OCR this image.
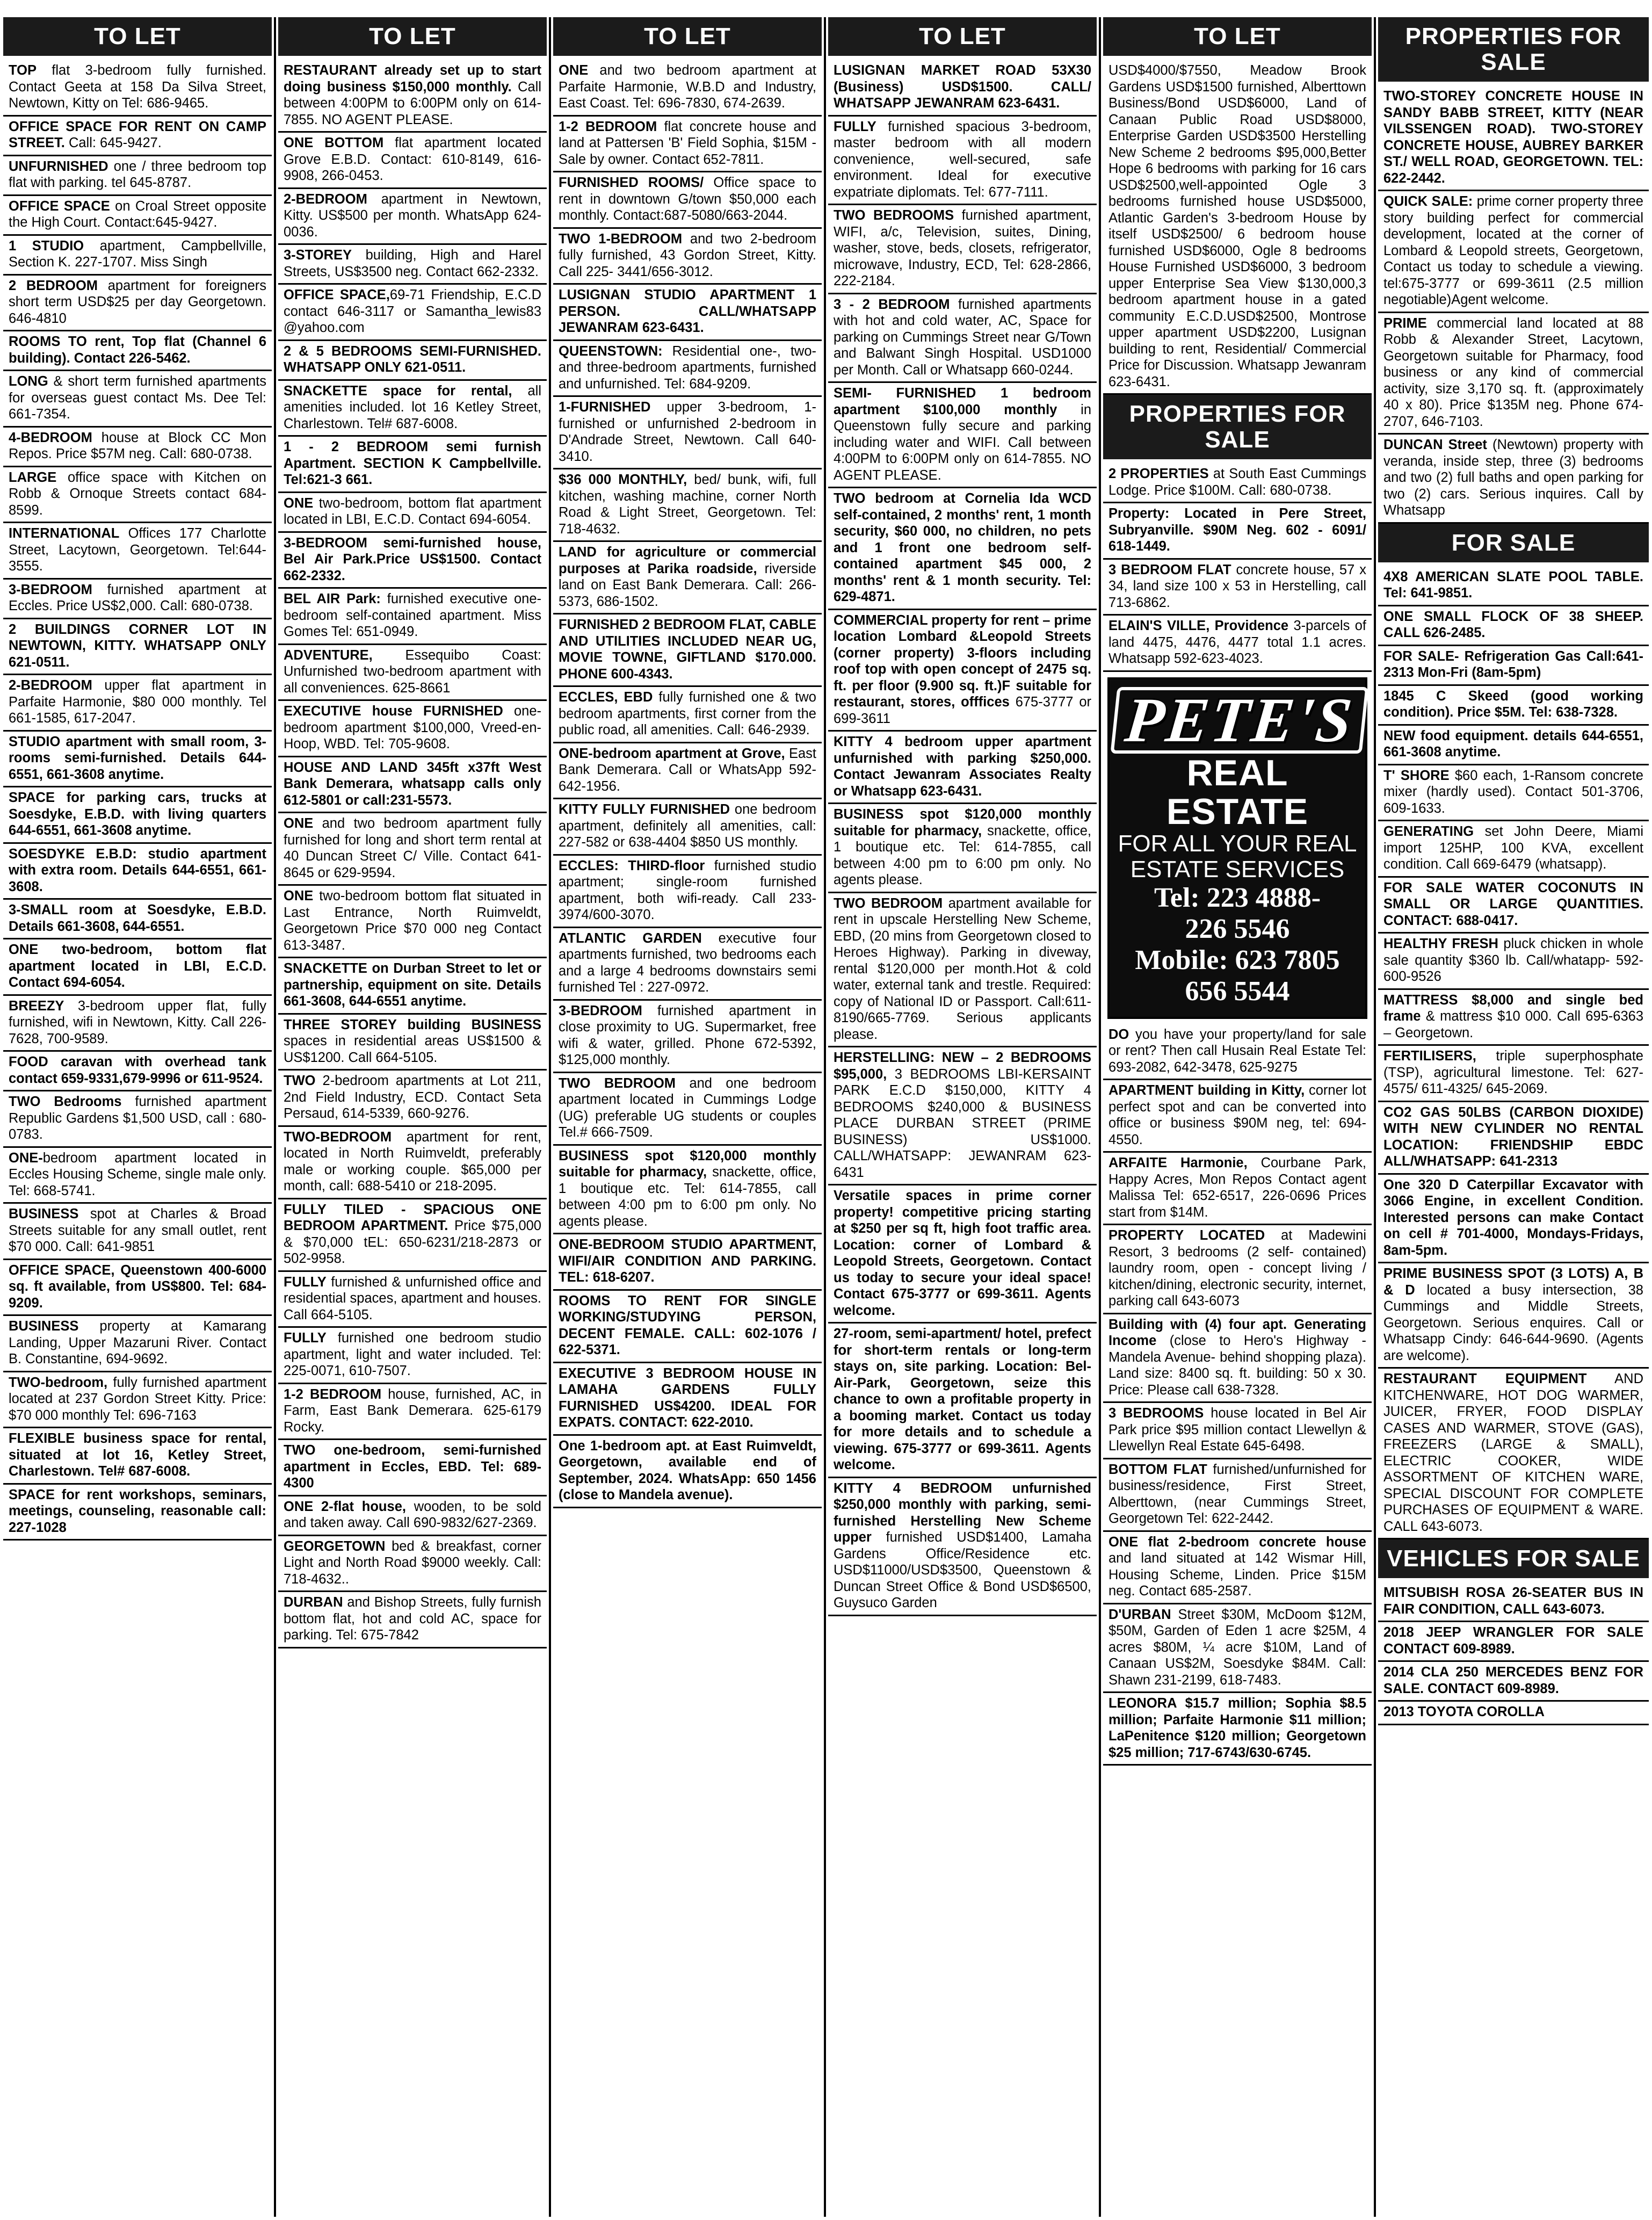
TO LET
TOP flat 3-bedroom fully furnished. Contact Geeta at 158 Da Silva Street, Newtown, Kitty on Tel: 686-9465.
OFFICE SPACE FOR RENT ON CAMP STREET. Call: 645-9427.
UNFURNISHED one / three bedroom top flat with parking. tel 645-8787.
OFFICE SPACE on Croal Street opposite the High Court. Contact:645-9427.
1 STUDIO apartment, Campbellville, Section K. 227-1707. Miss Singh
2 BEDROOM apartment for foreigners short term USD$25 per day Georgetown. 646-4810
ROOMS TO rent, Top flat (Channel 6 building). Contact 226-5462.
LONG & short term furnished apartments for overseas guest contact Ms. Dee Tel: 661-7354.
4-BEDROOM house at Block CC Mon Repos. Price $57M neg. Call: 680-0738.
LARGE office space with Kitchen on Robb & Ornoque Streets contact 684-8599.
INTERNATIONAL Offices 177 Charlotte Street, Lacytown, Georgetown. Tel:644-3555.
3-BEDROOM furnished apartment at Eccles. Price US$2,000. Call: 680-0738.
2 BUILDINGS CORNER LOT IN NEWTOWN, KITTY. WHATSAPP ONLY 621-0511.
2-BEDROOM upper flat apartment in Parfaite Harmonie, $80 000 monthly. Tel 661-1585, 617-2047.
STUDIO apartment with small room, 3-rooms semi-furnished. Details 644-6551, 661-3608 anytime.
SPACE for parking cars, trucks at Soesdyke, E.B.D. with living quarters 644-6551, 661-3608 anytime.
SOESDYKE E.B.D: studio apartment with extra room. Details 644-6551, 661-3608.
3-SMALL room at Soesdyke, E.B.D. Details 661-3608, 644-6551.
ONE two-bedroom, bottom flat apartment located in LBI, E.C.D. Contact 694-6054.
BREEZY 3-bedroom upper flat, fully furnished, wifi in Newtown, Kitty. Call 226-7628, 700-9589.
FOOD caravan with overhead tank contact 659-9331,679-9996 or 611-9524.
TWO Bedrooms furnished apartment Republic Gardens $1,500 USD, call : 680-0783.
ONE-bedroom apartment located in Eccles Housing Scheme, single male only. Tel: 668-5741.
BUSINESS spot at Charles & Broad Streets suitable for any small outlet, rent $70 000. Call: 641-9851
OFFICE SPACE, Queenstown 400-6000 sq. ft available, from US$800. Tel: 684-9209.
BUSINESS property at Kamarang Landing, Upper Mazaruni River. Contact B. Constantine, 694-9692.
TWO-bedroom, fully furnished apartment located at 237 Gordon Street Kitty. Price: $70 000 monthly Tel: 696-7163
FLEXIBLE business space for rental, situated at lot 16, Ketley Street, Charlestown. Tel# 687-6008.
SPACE for rent workshops, seminars, meetings, counseling, reasonable call: 227-1028
TO LET
RESTAURANT already set up to start doing business $150,000 monthly. Call between 4:00PM to 6:00PM only on 614-7855. NO AGENT PLEASE.
ONE BOTTOM flat apartment located Grove E.B.D. Contact: 610-8149, 616-9908, 266-0453.
2-BEDROOM apartment in Newtown, Kitty. US$500 per month. WhatsApp 624-0036.
3-STOREY building, High and Harel Streets, US$3500 neg. Contact 662-2332.
OFFICE SPACE,69-71 Friendship, E.C.D contact 646-3117 or Samantha_lewis83 @yahoo.com
2 & 5 BEDROOMS SEMI-FURNISHED. WHATSAPP ONLY 621-0511.
SNACKETTE space for rental, all amenities included. lot 16 Ketley Street, Charlestown. Tel# 687-6008.
1 - 2 BEDROOM semi furnish Apartment. SECTION K Campbellville. Tel:621-3 661.
ONE two-bedroom, bottom flat apartment located in LBI, E.C.D. Contact 694-6054.
3-BEDROOM semi-furnished house, Bel Air Park.Price US$1500. Contact 662-2332.
BEL AIR Park: furnished executive one-bedroom self-contained apartment. Miss Gomes Tel: 651-0949.
ADVENTURE, Essequibo Coast: Unfurnished two-bedroom apartment with all conveniences. 625-8661
EXECUTIVE house FURNISHED one-bedroom apartment $100,000, Vreed-en-Hoop, WBD. Tel: 705-9608.
HOUSE AND LAND 345ft x37ft West Bank Demerara, whatsapp calls only 612-5801 or call:231-5573.
ONE and two bedroom apartment fully furnished for long and short term rental at 40 Duncan Street C/ Ville. Contact 641-8645 or 629-9594.
ONE two-bedroom bottom flat situated in Last Entrance, North Ruimveldt, Georgetown Price $70 000 neg Contact 613-3487.
SNACKETTE on Durban Street to let or partnership, equipment on site. Details 661-3608, 644-6551 anytime.
THREE STOREY building BUSINESS spaces in residential areas US$1500 & US$1200. Call 664-5105.
TWO 2-bedroom apartments at Lot 211, 2nd Field Industry, ECD. Contact Seta Persaud, 614-5339, 660-9276.
TWO-BEDROOM apartment for rent, located in North Ruimveldt, preferably male or working couple. $65,000 per month, call: 688-5410 or 218-2095.
FULLY TILED - SPACIOUS ONE BEDROOM APARTMENT. Price $75,000 & $70,000 tEL: 650-6231/218-2873 or 502-9958.
FULLY furnished & unfurnished office and residential spaces, apartment and houses. Call 664-5105.
FULLY furnished one bedroom studio apartment, light and water included. Tel: 225-0071, 610-7507.
1-2 BEDROOM house, furnished, AC, in Farm, East Bank Demerara. 625-6179 Rocky.
TWO one-bedroom, semi-furnished apartment in Eccles, EBD. Tel: 689-4300
ONE 2-flat house, wooden, to be sold and taken away. Call 690-9832/627-2369.
GEORGETOWN bed & breakfast, corner Light and North Road $9000 weekly. Call: 718-4632..
DURBAN and Bishop Streets, fully furnish bottom flat, hot and cold AC, space for parking. Tel: 675-7842
TO LET
ONE and two bedroom apartment at Parfaite Harmonie, W.B.D and Industry, East Coast. Tel: 696-7830, 674-2639.
1-2 BEDROOM flat concrete house and land at Pattersen 'B' Field Sophia, $15M - Sale by owner. Contact 652-7811.
FURNISHED ROOMS/ Office space to rent in downtown G/town $50,000 each monthly. Contact:687-5080/663-2044.
TWO 1-BEDROOM and two 2-bedroom fully furnished, 43 Gordon Street, Kitty. Call 225- 3441/656-3012.
LUSIGNAN STUDIO APARTMENT 1 PERSON. CALL/WHATSAPP JEWANRAM 623-6431.
QUEENSTOWN: Residential one-, two- and three-bedroom apartments, furnished and unfurnished. Tel: 684-9209.
1-FURNISHED upper 3-bedroom, 1-furnished or unfurnished 2-bedroom in D'Andrade Street, Newtown. Call 640-3410.
$36 000 MONTHLY, bed/ bunk, wifi, full kitchen, washing machine, corner North Road & Light Street, Georgetown. Tel: 718-4632.
LAND for agriculture or commercial purposes at Parika roadside, riverside land on East Bank Demerara. Call: 266-5373, 686-1502.
FURNISHED 2 BEDROOM FLAT, CABLE AND UTILITIES INCLUDED NEAR UG, MOVIE TOWNE, GIFTLAND $170.000. PHONE 600-4343.
ECCLES, EBD fully furnished one & two bedroom apartments, first corner from the public road, all amenities. Call: 646-2939.
ONE-bedroom apartment at Grove, East Bank Demerara. Call or WhatsApp 592-642-1956.
KITTY FULLY FURNISHED one bedroom apartment, definitely all amenities, call: 227-582 or 638-4404 $850 US monthly.
ECCLES: THIRD-floor furnished studio apartment; single-room furnished apartment, both wifi-ready. Call 233-3974/600-3070.
ATLANTIC GARDEN executive four apartments furnished, two bedrooms each and a large 4 bedrooms downstairs semi furnished Tel : 227-0972.
3-BEDROOM furnished apartment in close proximity to UG. Supermarket, free wifi & water, grilled. Phone 672-5392, $125,000 monthly.
TWO BEDROOM and one bedroom apartment located in Cummings Lodge (UG) preferable UG students or couples Tel.# 666-7509.
BUSINESS spot $120,000 monthly suitable for pharmacy, snackette, office, 1 boutique etc. Tel: 614-7855, call between 4:00 pm to 6:00 pm only. No agents please.
ONE-BEDROOM STUDIO APARTMENT, WIFI/AIR CONDITION AND PARKING. TEL: 618-6207.
ROOMS TO RENT FOR SINGLE WORKING/STUDYING PERSON, DECENT FEMALE. CALL: 602-1076 / 622-5371.
EXECUTIVE 3 BEDROOM HOUSE IN LAMAHA GARDENS FULLY FURNISHED US$4200. IDEAL FOR EXPATS. CONTACT: 622-2010.
One 1-bedroom apt. at East Ruimveldt, Georgetown, available end of September, 2024. WhatsApp: 650 1456 (close to Mandela avenue).
TO LET
LUSIGNAN MARKET ROAD 53X30 (Business) USD$1500. CALL/ WHATSAPP JEWANRAM 623-6431.
FULLY furnished spacious 3-bedroom, master bedroom with all modern convenience, well-secured, safe environment. Ideal for executive expatriate diplomats. Tel: 677-7111.
TWO BEDROOMS furnished apartment, WIFI, a/c, Television, suites, Dining, washer, stove, beds, closets, refrigerator, microwave, Industry, ECD, Tel: 628-2866, 222-2184.
3 - 2 BEDROOM furnished apartments with hot and cold water, AC, Space for parking on Cummings Street near G/Town and Balwant Singh Hospital. USD1000 per Month. Call or Whatsapp 660-0244.
SEMI- FURNISHED 1 bedroom apartment $100,000 monthly in Queenstown fully secure and parking including water and WIFI. Call between 4:00PM to 6:00PM only on 614-7855. NO AGENT PLEASE.
TWO bedroom at Cornelia Ida WCD self-contained, 2 months' rent, 1 month security, $60 000, no children, no pets and 1 front one bedroom self-contained apartment $45 000, 2 months' rent & 1 month security. Tel: 629-4871.
COMMERCIAL property for rent – prime location Lombard &Leopold Streets (corner property) 3-floors including roof top with open concept of 2475 sq. ft. per floor (9.900 sq. ft.)F suitable for restaurant, stores, offfices 675-3777 or 699-3611
KITTY 4 bedroom upper apartment unfurnished with parking $250,000. Contact Jewanram Associates Realty or Whatsapp 623-6431.
BUSINESS spot $120,000 monthly suitable for pharmacy, snackette, office, 1 boutique etc. Tel: 614-7855, call between 4:00 pm to 6:00 pm only. No agents please.
TWO BEDROOM apartment available for rent in upscale Herstelling New Scheme, EBD, (20 mins from Georgetown closed to Heroes Highway). Parking in diveway, rental $120,000 per month.Hot & cold water, external tank and trestle. Required: copy of National ID or Passport. Call:611-8190/665-7769. Serious applicants please.
HERSTELLING: NEW – 2 BEDROOMS $95,000, 3 BEDROOMS LBI-KERSAINT PARK E.C.D $150,000, KITTY 4 BEDROOMS $240,000 & BUSINESS PLACE DURBAN STREET (PRIME BUSINESS) US$1000. CALL/WHATSAPP: JEWANRAM 623- 6431
Versatile spaces in prime corner property! competitive pricing starting at $250 per sq ft, high foot traffic area. Location: corner of Lombard & Leopold Streets, Georgetown. Contact us today to secure your ideal space! Contact 675-3777 or 699-3611. Agents welcome.
27-room, semi-apartment/ hotel, prefect for short-term rentals or long-term stays on, site parking. Location: Bel-Air-Park, Georgetown, seize this chance to own a profitable property in a booming market. Contact us today for more details and to schedule a viewing. 675-3777 or 699-3611. Agents welcome.
KITTY 4 BEDROOM unfurnished $250,000 monthly with parking, semi-furnished Herstelling New Scheme upper furnished USD$1400, Lamaha Gardens Office/Residence etc. USD$11000/USD$3500, Queenstown & Duncan Street Office & Bond USD$6500, Guysuco Garden
TO LET
USD$4000/$7550, Meadow Brook Gardens USD$1500 furnished, Alberttown Business/Bond USD$6000, Land of Canaan Public Road USD$8000, Enterprise Garden USD$3500 Herstelling New Scheme 2 bedrooms $95,000,Better Hope 6 bedrooms with parking for 16 cars USD$2500,well-appointed Ogle 3 bedrooms furnished house USD$5000, Atlantic Garden's 3-bedroom House by itself USD$2500/ 6 bedroom house furnished USD$6000, Ogle 8 bedrooms House Furnished USD$6000, 3 bedroom upper Enterprise Sea View $130,000,3 bedroom apartment house in a gated community E.C.D.USD$2500, Montrose upper apartment USD$2200, Lusignan building to rent, Residential/ Commercial Price for Discussion. Whatsapp Jewanram 623-6431.
PROPERTIES FOR SALE
2 PROPERTIES at South East Cummings Lodge. Price $100M. Call: 680-0738.
Property: Located in Pere Street, Subryanville. $90M Neg. 602 - 6091/ 618-1449.
3 BEDROOM FLAT concrete house, 57 x 34, land size 100 x 53 in Herstelling, call 713-6862.
ELAIN'S VILLE, Providence 3-parcels of land 4475, 4476, 4477 total 1.1 acres. Whatsapp 592-623-4023.
PETE'S
REAL ESTATE
FOR ALL YOUR REAL
ESTATE SERVICES
Tel: 223 4888-
226 5546
Mobile: 623 7805
656 5544
DO you have your property/land for sale or rent? Then call Husain Real Estate Tel: 693-2082, 642-3478, 625-9275
APARTMENT building in Kitty, corner lot perfect spot and can be converted into office or business $90M neg, tel: 694-4550.
ARFAITE Harmonie, Courbane Park, Happy Acres, Mon Repos Contact agent Malissa Tel: 652-6517, 226-0696 Prices start from $14M.
PROPERTY LOCATED at Madewini Resort, 3 bedrooms (2 self- contained) laundry room, open - concept living / kitchen/dining, electronic security, internet, parking call 643-6073
Building with (4) four apt. Generating Income (close to Hero's Highway -Mandela Avenue- behind shopping plaza). Land size: 8400 sq. ft. building: 50 x 30. Price: Please call 638-7328.
3 BEDROOMS house located in Bel Air Park price $95 million contact Llewellyn & Llewellyn Real Estate 645-6498.
BOTTOM FLAT furnished/unfurnished for business/residence, First Street, Alberttown, (near Cummings Street, Georgetown Tel: 622-2442.
ONE flat 2-bedroom concrete house and land situated at 142 Wismar Hill, Housing Scheme, Linden. Price $15M neg. Contact 685-2587.
D'URBAN Street $30M, McDoom $12M, $50M, Garden of Eden 1 acre $25M, 4 acres $80M, ¼ acre $10M, Land of Canaan US$2M, Soesdyke $84M. Call: Shawn 231-2199, 618-7483.
LEONORA $15.7 million; Sophia $8.5 million; Parfaite Harmonie $11 million; LaPenitence $120 million; Georgetown $25 million; 717-6743/630-6745.
PROPERTIES FOR SALE
TWO-STOREY CONCRETE HOUSE IN SANDY BABB STREET, KITTY (NEAR VILSSENGEN ROAD). TWO-STOREY CONCRETE HOUSE, AUBREY BARKER ST./ WELL ROAD, GEORGETOWN. TEL: 622-2442.
QUICK SALE: prime corner property three story building perfect for commercial development, located at the corner of Lombard & Leopold streets, Georgetown, Contact us today to schedule a viewing. tel:675-3777 or 699-3611 (2.5 million negotiable)Agent welcome.
PRIME commercial land located at 88 Robb & Alexander Street, Lacytown, Georgetown suitable for Pharmacy, food business or any kind of commercial activity, size 3,170 sq. ft. (approximately 40 x 80). Price $135M neg. Phone 674-2707, 646-7103.
DUNCAN Street (Newtown) property with veranda, inside step, three (3) bedrooms and two (2) full baths and open parking for two (2) cars. Serious inquires. Call by Whatsapp
FOR SALE
4X8 AMERICAN SLATE POOL TABLE. Tel: 641-9851.
ONE SMALL FLOCK OF 38 SHEEP. CALL 626-2485.
FOR SALE- Refrigeration Gas Call:641-2313 Mon-Fri (8am-5pm)
1845 C Skeed (good working condition). Price $5M. Tel: 638-7328.
NEW food equipment. details 644-6551, 661-3608 anytime.
T' SHORE $60 each, 1-Ransom concrete mixer (hardly used). Contact 501-3706, 609-1633.
GENERATING set John Deere, Miami import 125HP, 100 KVA, excellent condition. Call 669-6479 (whatsapp).
FOR SALE WATER COCONUTS IN SMALL OR LARGE QUANTITIES. CONTACT: 688-0417.
HEALTHY FRESH pluck chicken in whole sale quantity $360 lb. Call/whatapp- 592-600-9526
MATTRESS $8,000 and single bed frame & mattress $10 000. Call 695-6363 – Georgetown.
FERTILISERS, triple superphosphate (TSP), agricultural limestone. Tel: 627-4575/ 611-4325/ 645-2069.
CO2 GAS 50LBS (CARBON DIOXIDE) WITH NEW CYLINDER NO RENTAL LOCATION: FRIENDSHIP EBDC ALL/WHATSAPP: 641-2313
One 320 D Caterpillar Excavator with 3066 Engine, in excellent Condition. Interested persons can make Contact on cell # 701-4000, Mondays-Fridays, 8am-5pm.
PRIME BUSINESS SPOT (3 LOTS) A, B & D located a busy intersection, 38 Cummings and Middle Streets, Georgetown. Serious enquires. Call or Whatsapp Cindy: 646-644-9690. (Agents are welcome).
RESTAURANT EQUIPMENT AND KITCHENWARE, HOT DOG WARMER, JUICER, FRYER, FOOD DISPLAY CASES AND WARMER, STOVE (GAS), FREEZERS (LARGE & SMALL), ELECTRIC COOKER, WIDE ASSORTMENT OF KITCHEN WARE, SPECIAL DISCOUNT FOR COMPLETE PURCHASES OF EQUIPMENT & WARE. CALL 643-6073.
VEHICLES FOR SALE
MITSUBISH ROSA 26-SEATER BUS IN FAIR CONDITION, CALL 643-6073.
2018 JEEP WRANGLER FOR SALE CONTACT 609-8989.
2014 CLA 250 MERCEDES BENZ FOR SALE. CONTACT 609-8989.
2013 TOYOTA COROLLA
